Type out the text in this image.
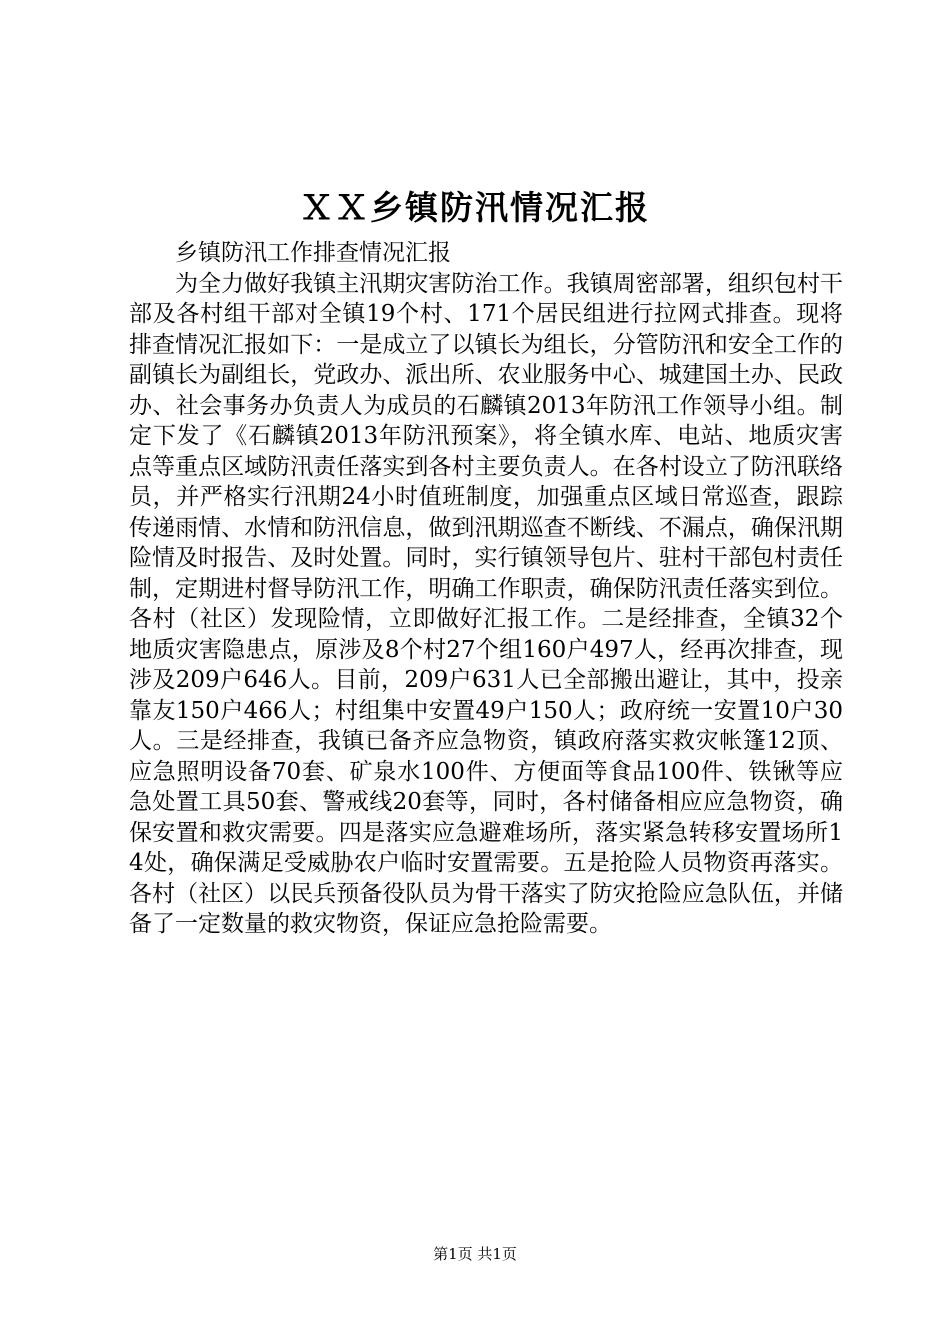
ＸＸ乡镇防汛情况汇报

乡镇防汛工作排查情况汇报

为全力做好我镇主汛期灾害防治工作。我镇周密部署，组织包村干部及各村组干部对全镇19个村、171个居民组进行拉网式排查。现将排查情况汇报如下：一是成立了以镇长为组长，分管防汛和安全工作的副镇长为副组长，党政办、派出所、农业服务中心、城建国土办、民政办、社会事务办负责人为成员的石麟镇2013年防汛工作领导小组。制定下发了《石麟镇2013年防汛预案》，将全镇水库、电站、地质灾害点等重点区域防汛责任落实到各村主要负责人。在各村设立了防汛联络员，并严格实行汛期24小时值班制度，加强重点区域日常巡查，跟踪传递雨情、水情和防汛信息，做到汛期巡查不断线、不漏点，确保汛期险情及时报告、及时处置。同时，实行镇领导包片、驻村干部包村责任制，定期进村督导防汛工作，明确工作职责，确保防汛责任落实到位。各村（社区）发现险情，立即做好汇报工作。二是经排查，全镇32个地质灾害隐患点，原涉及8个村27个组160户497人，经再次排查，现涉及209户646人。目前，209户631人已全部搬出避让，其中，投亲靠友150户466人；村组集中安置49户150人；政府统一安置10户30人。三是经排查，我镇已备齐应急物资，镇政府落实救灾帐篷12顶、应急照明设备70套、矿泉水100件、方便面等食品100件、铁锹等应急处置工具50套、警戒线20套等，同时，各村储备相应应急物资，确保安置和救灾需要。四是落实应急避难场所，落实紧急转移安置场所14处，确保满足受威胁农户临时安置需要。五是抢险人员物资再落实。各村（社区）以民兵预备役队员为骨干落实了防灾抢险应急队伍，并储备了一定数量的救灾物资，保证应急抢险需要。

第1页 共1页
